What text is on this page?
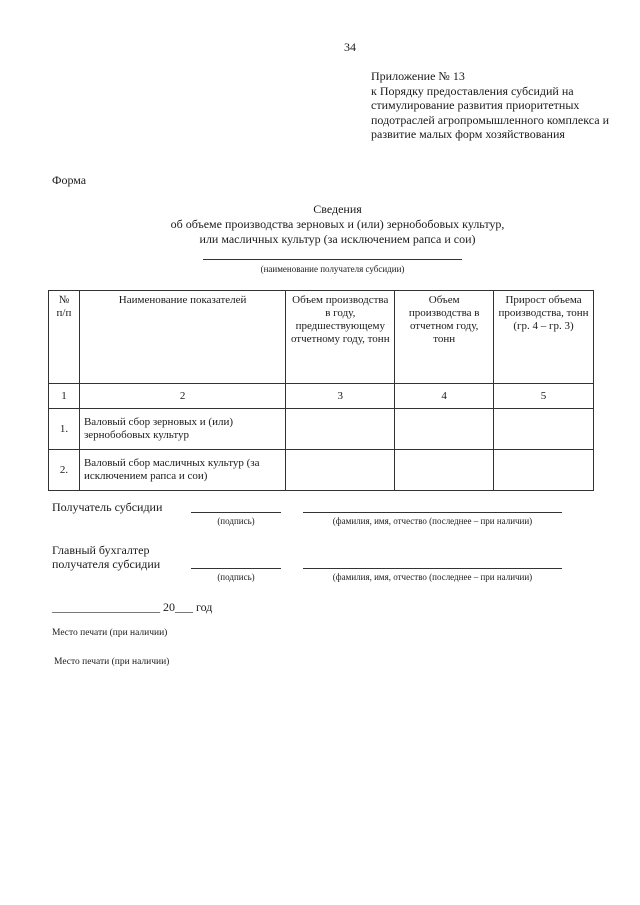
34
Приложение № 13
к Порядку предоставления субсидий на стимулирование развития приоритетных подотраслей агропромышленного комплекса и развитие малых форм хозяйствования
Форма
Сведения
об объеме производства зерновых и (или) зернобобовых культур,
или масличных культур (за исключением рапса и сои)
(наименование получателя субсидии)
№ п/п	Наименование показателей	Объем производства в году, предшествующему отчетному году, тонн	Объем производства в отчетном году, тонн	Прирост объема производства, тонн (гр. 4 – гр. 3)
1	2	3	4	5
1.	Валовый сбор зерновых и (или) зернобобовых культур			
2.	Валовый сбор масличных культур (за исключением рапса и сои)			
Получатель субсидии
(подпись)	(фамилия, имя, отчество (последнее – при наличии)
Главный бухгалтер
получателя субсидии
(подпись)	(фамилия, имя, отчество (последнее – при наличии)
__________________ 20___ год
Место печати (при наличии)
Место печати (при наличии)
